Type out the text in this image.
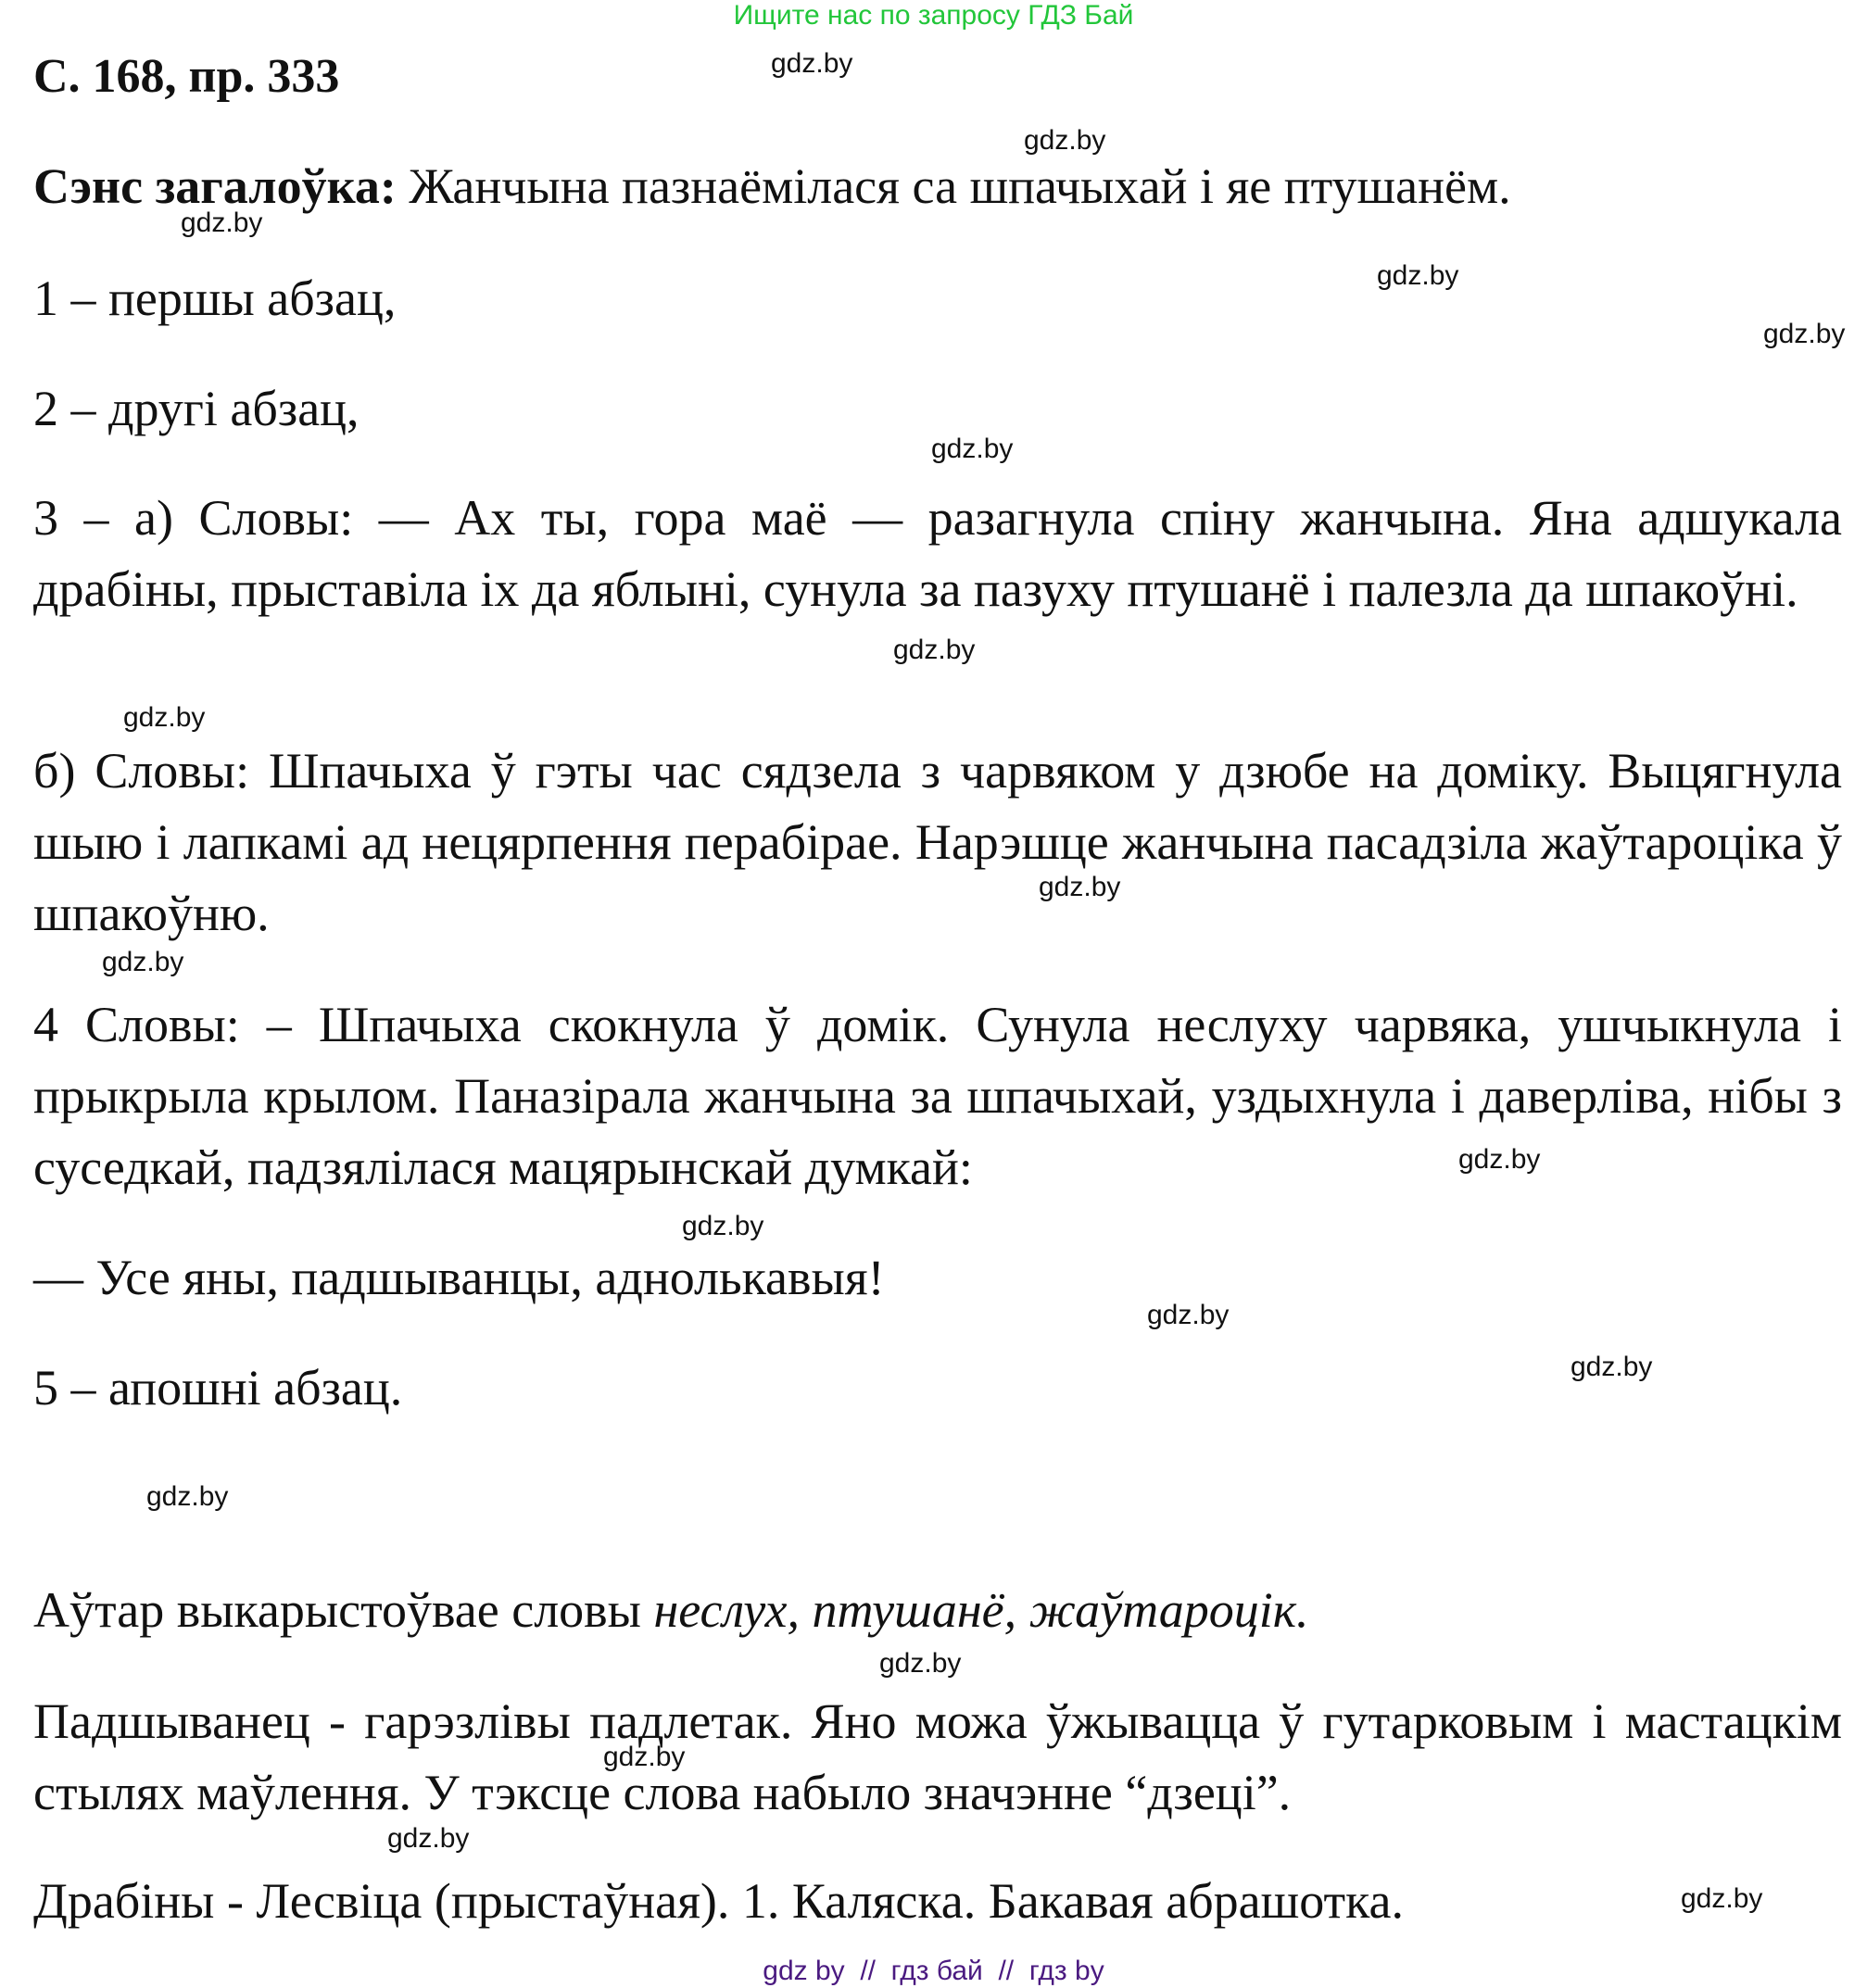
Ищите нас по запросу ГДЗ Бай
С. 168, пр. 333
Сэнс загалоўка: Жанчына пазнаёмілася са шпачыхай і яе птушанём.
1 – першы абзац,
2 – другі абзац,
3 – а) Словы: — Ах ты, гора маё — разагнула спіну жанчына. Яна адшукала драбіны, прыставіла іх да яблыні, сунула за пазуху птушанё і палезла да шпакоўні.
б) Словы: Шпачыха ў гэты час сядзела з чарвяком у дзюбе на доміку. Выцягнула шыю і лапкамі ад нецярпення перабірае. Нарэшце жанчына пасадзіла жаўтароціка ў шпакоўню.
4 Словы: – Шпачыха скокнула ў домік. Сунула неслуху чарвяка, ушчыкнула і прыкрыла крылом. Паназірала жанчына за шпачыхай, уздыхнула і даверліва, нібы з суседкай, падзялілася мацярынскай думкай:
— Усе яны, падшыванцы, аднолькавыя!
5 – апошні абзац.
Аўтар выкарыстоўвае словы неслух, птушанё, жаўтароцік.
Падшыванец - гарэзлівы падлетак. Яно можа ўжывацца ў гутарковым і мастацкім стылях маўлення. У тэксце слова набыло значэнне “дзеці”.
Драбіны - Лесвіца (прыстаўная). 1. Каляска. Бакавая абрашотка.
gdz.by
gdz.by
gdz.by
gdz.by
gdz.by
gdz.by
gdz.by
gdz.by
gdz.by
gdz.by
gdz.by
gdz.by
gdz.by
gdz.by
gdz.by
gdz.by
gdz.by
gdz.by
gdz.by
gdz by  //  гдз бай  //  гдз by
